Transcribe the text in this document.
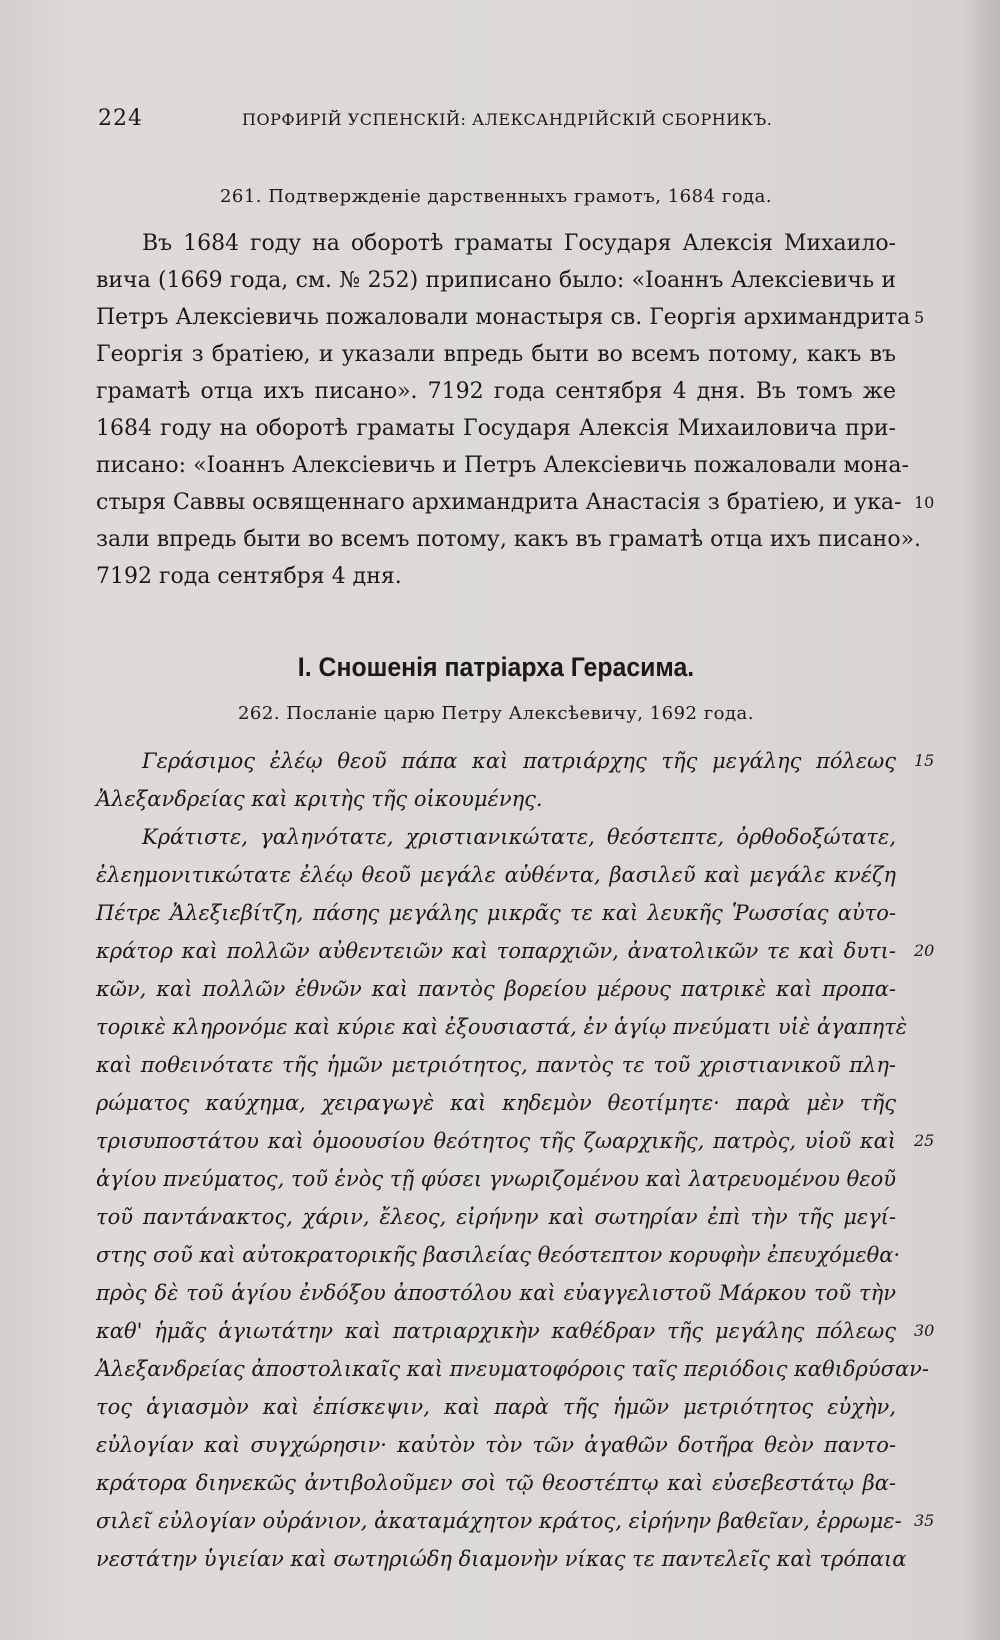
224	ПОРФИРІЙ УСПЕНСКІЙ: АЛЕКСАНДРІЙСКІЙ СБОРНИКЪ.
261. Подтвержденіе дарственныхъ грамотъ, 1684 года.
Въ 1684 году на оборотѣ граматы Государя Алексія Михаило-
вича (1669 года, см. № 252) приписано было: «Іоаннъ Алексіевичь и
Петръ Алексіевичь пожаловали монастыря св. Георгія архимандрита 5
Георгія з братіею, и указали впредь быти во всемъ потому, какъ въ
граматѣ отца ихъ писано». 7192 года сентября 4 дня. Въ томъ же
1684 году на оборотѣ граматы Государя Алексія Михаиловича при-
писано: «Іоаннъ Алексіевичь и Петръ Алексіевичь пожаловали мона-
стыря Саввы освященнаго архимандрита Анастасія з братіею, и ука- 10
зали впредь быти во всемъ потому, какъ въ граматѣ отца ихъ писано».
7192 года сентября 4 дня.
I. Сношенія патріарха Герасима.
262. Посланіе царю Петру Алексѣевичу, 1692 года.
Γεράσιμος ἐλέῳ θεοῦ πάπα καὶ πατριάρχης τῆς μεγάλης πόλεως 15
Ἀλεξανδρείας καὶ κριτὴς τῆς οἰκουμένης.
Κράτιστε, γαληνότατε, χριστιανικώτατε, θεόστεπτε, ὀρθοδοξώτατε,
ἐλεημονιτικώτατε ἐλέῳ θεοῦ μεγάλε αὐθέντα, βασιλεῦ καὶ μεγάλε κνέζη
Πέτρε Ἀλεξιεβίτζη, πάσης μεγάλης μικρᾶς τε καὶ λευκῆς Ῥωσσίας αὐτο-
κράτορ καὶ πολλῶν αὐθεντειῶν καὶ τοπαρχιῶν, ἀνατολικῶν τε καὶ δυτι- 20
κῶν, καὶ πολλῶν ἐθνῶν καὶ παντὸς βορείου μέρους πατρικὲ καὶ προπα-
τορικὲ κληρονόμε καὶ κύριε καὶ ἐξουσιαστά, ἐν ἁγίῳ πνεύματι υἱὲ ἀγαπητὲ
καὶ ποθεινότατε τῆς ἡμῶν μετριότητος, παντὸς τε τοῦ χριστιανικοῦ πλη-
ρώματος καύχημα, χειραγωγὲ καὶ κηδεμὸν θεοτίμητε· παρὰ μὲν τῆς
τρισυποστάτου καὶ ὁμοουσίου θεότητος τῆς ζωαρχικῆς, πατρὸς, υἱοῦ καὶ 25
ἁγίου πνεύματος, τοῦ ἑνὸς τῇ φύσει γνωριζομένου καὶ λατρευομένου θεοῦ
τοῦ παντάνακτος, χάριν, ἔλεος, εἰρήνην καὶ σωτηρίαν ἐπὶ τὴν τῆς μεγί-
στης σοῦ καὶ αὐτοκρατορικῆς βασιλείας θεόστεπτον κορυφὴν ἐπευχόμεθα·
πρὸς δὲ τοῦ ἁγίου ἐνδόξου ἀποστόλου καὶ εὐαγγελιστοῦ Μάρκου τοῦ τὴν
καθ' ἡμᾶς ἁγιωτάτην καὶ πατριαρχικὴν καθέδραν τῆς μεγάλης πόλεως 30
Ἀλεξανδρείας ἀποστολικαῖς καὶ πνευματοφόροις ταῖς περιόδοις καθιδρύσαν-
τος ἁγιασμὸν καὶ ἐπίσκεψιν, καὶ παρὰ τῆς ἡμῶν μετριότητος εὐχὴν,
εὐλογίαν καὶ συγχώρησιν· καὐτὸν τὸν τῶν ἀγαθῶν δοτῆρα θεὸν παντο-
κράτορα διηνεκῶς ἀντιβολοῦμεν σοὶ τῷ θεοστέπτῳ καὶ εὐσεβεστάτῳ βα-
σιλεῖ εὐλογίαν οὐράνιον, ἀκαταμάχητον κράτος, εἰρήνην βαθεῖαν, ἐρρωμε- 35
νεστάτην ὑγιείαν καὶ σωτηριώδη διαμονὴν νίκας τε παντελεῖς καὶ τρόπαια
